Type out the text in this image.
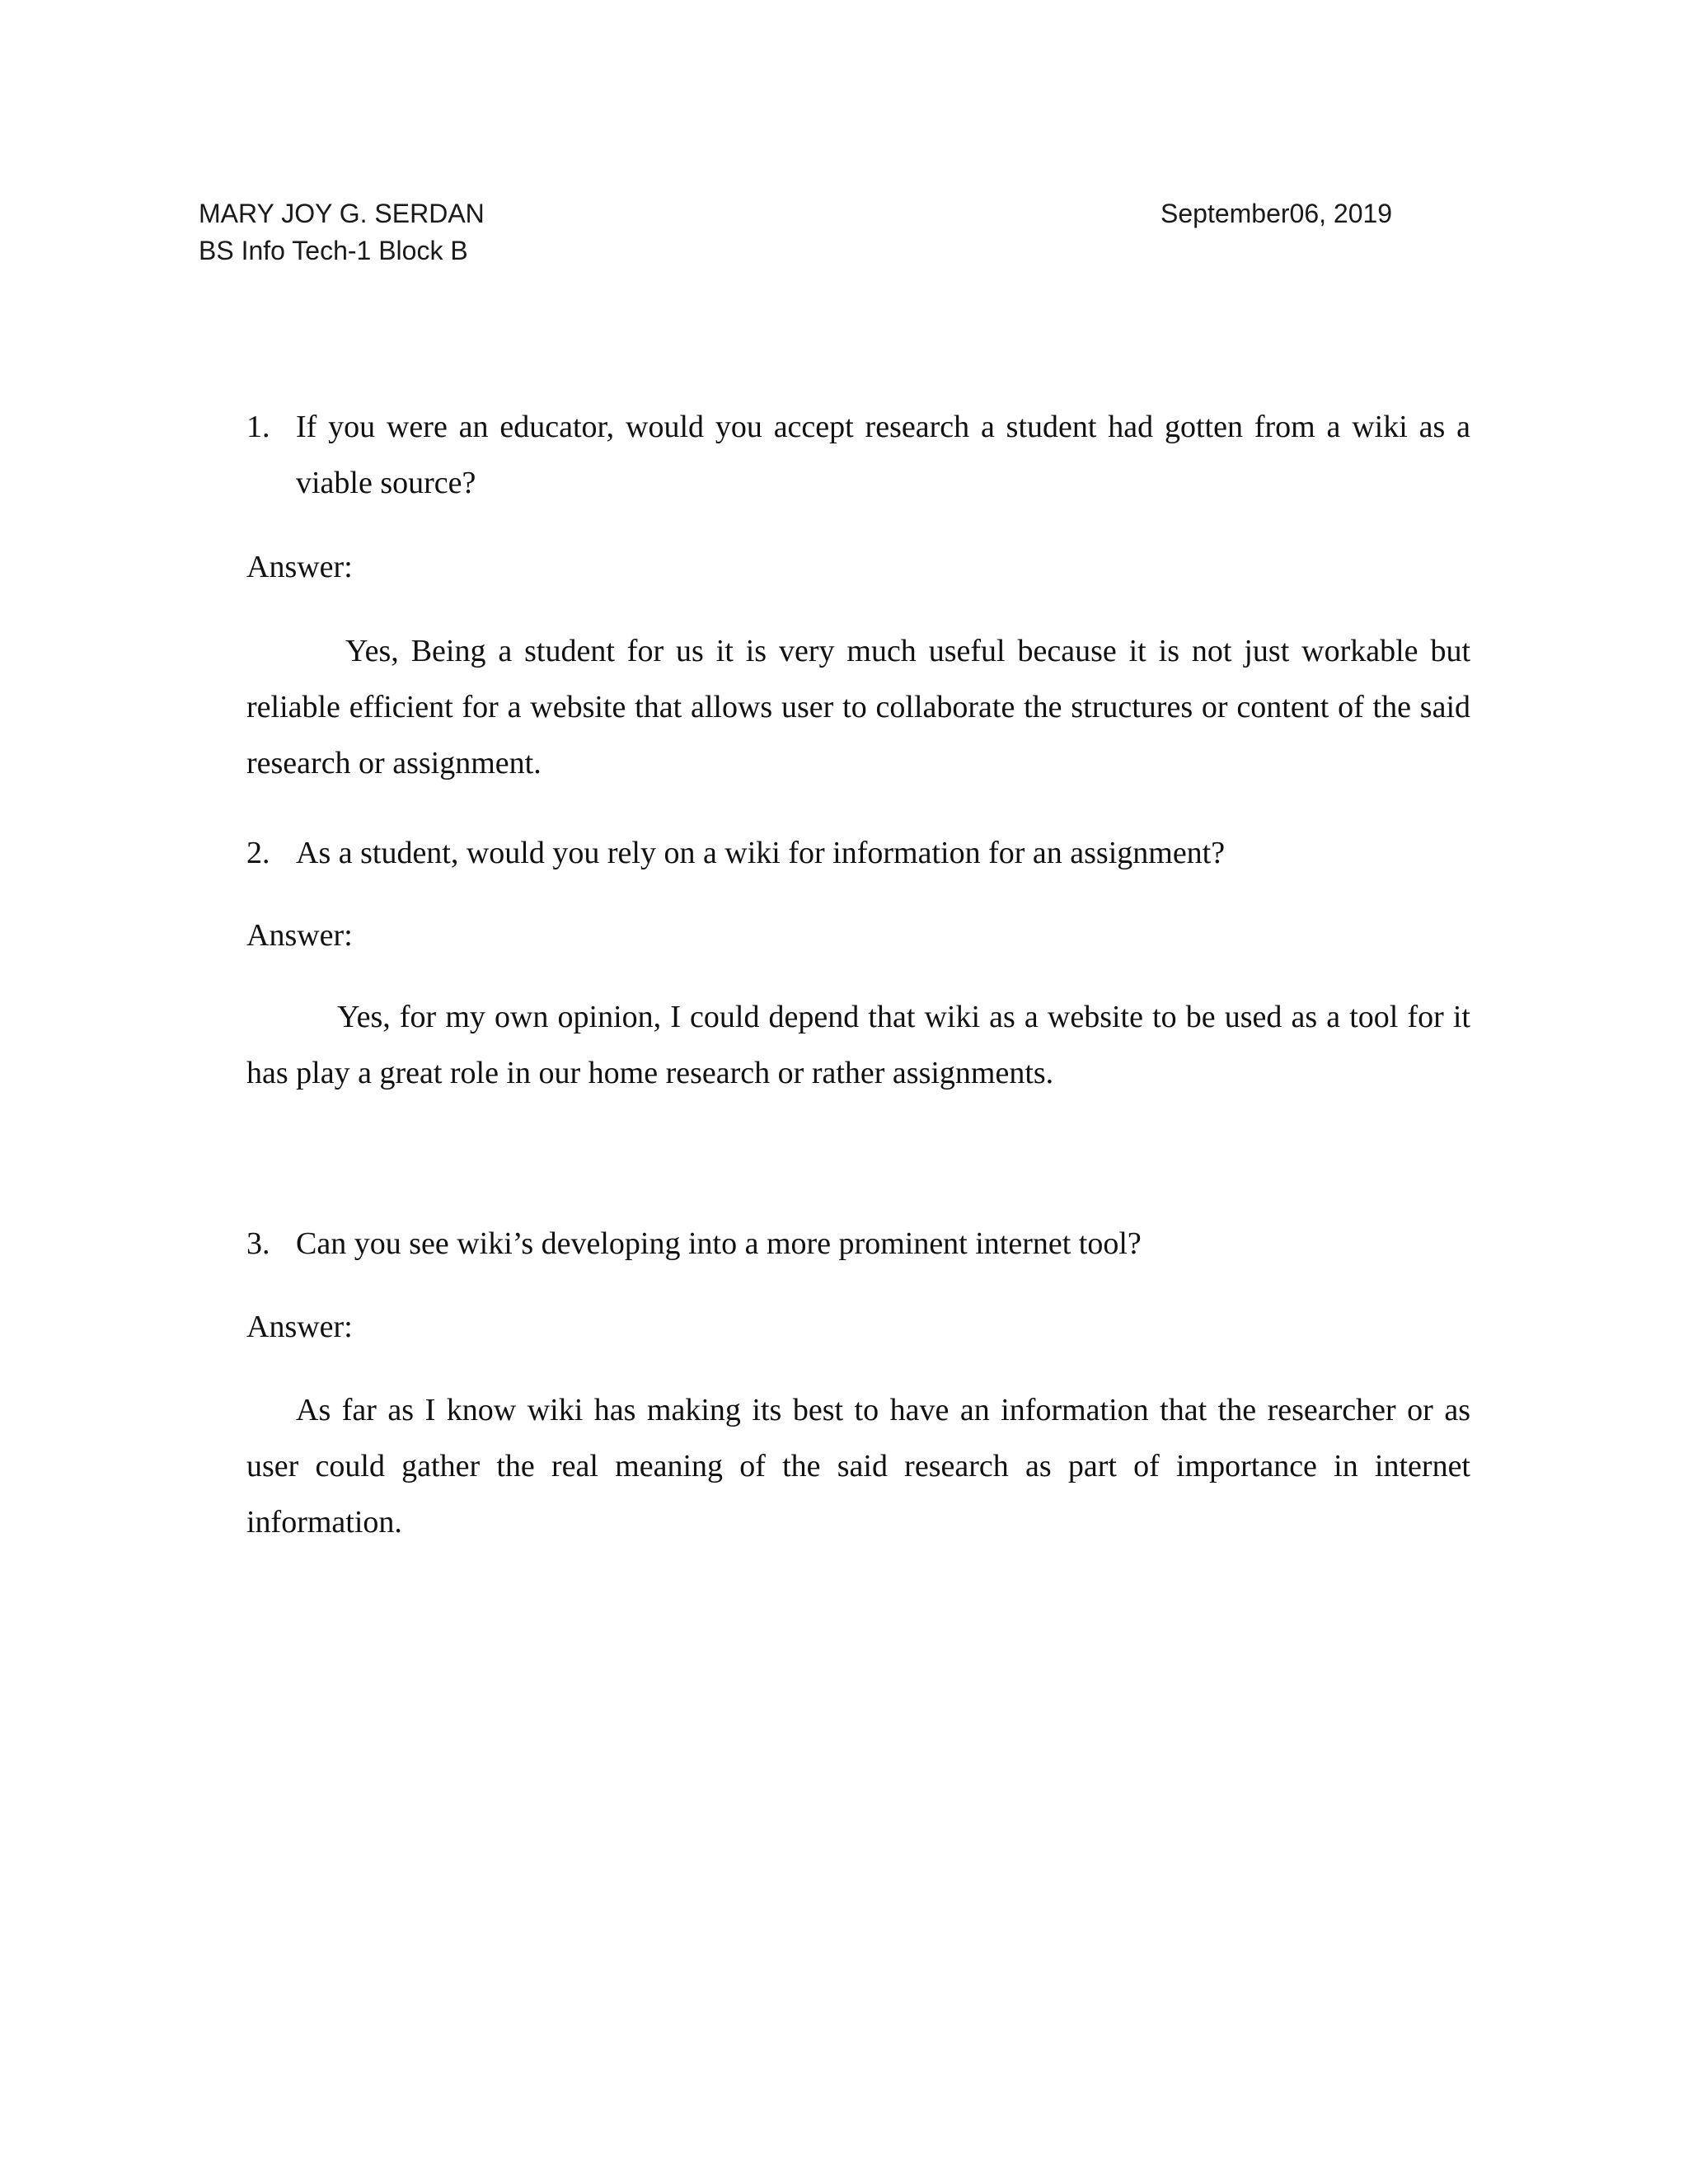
MARY JOY G. SERDAN
BS Info Tech-1 Block B
September06, 2019
1. If you were an educator, would you accept research a student had gotten from a wiki as a viable source?
Answer:
Yes, Being a student for us it is very much useful because it is not just workable but reliable efficient for a website that allows user to collaborate the structures or content of the said research or assignment.
2. As a student, would you rely on a wiki for information for an assignment?
Answer:
Yes, for my own opinion, I could depend that wiki as a website to be used as a tool for it has play a great role in our home research or rather assignments.
3. Can you see wiki’s developing into a more prominent internet tool?
Answer:
As far as I know wiki has making its best to have an information that the researcher or as user could gather the real meaning of the said research as part of importance in internet information.
